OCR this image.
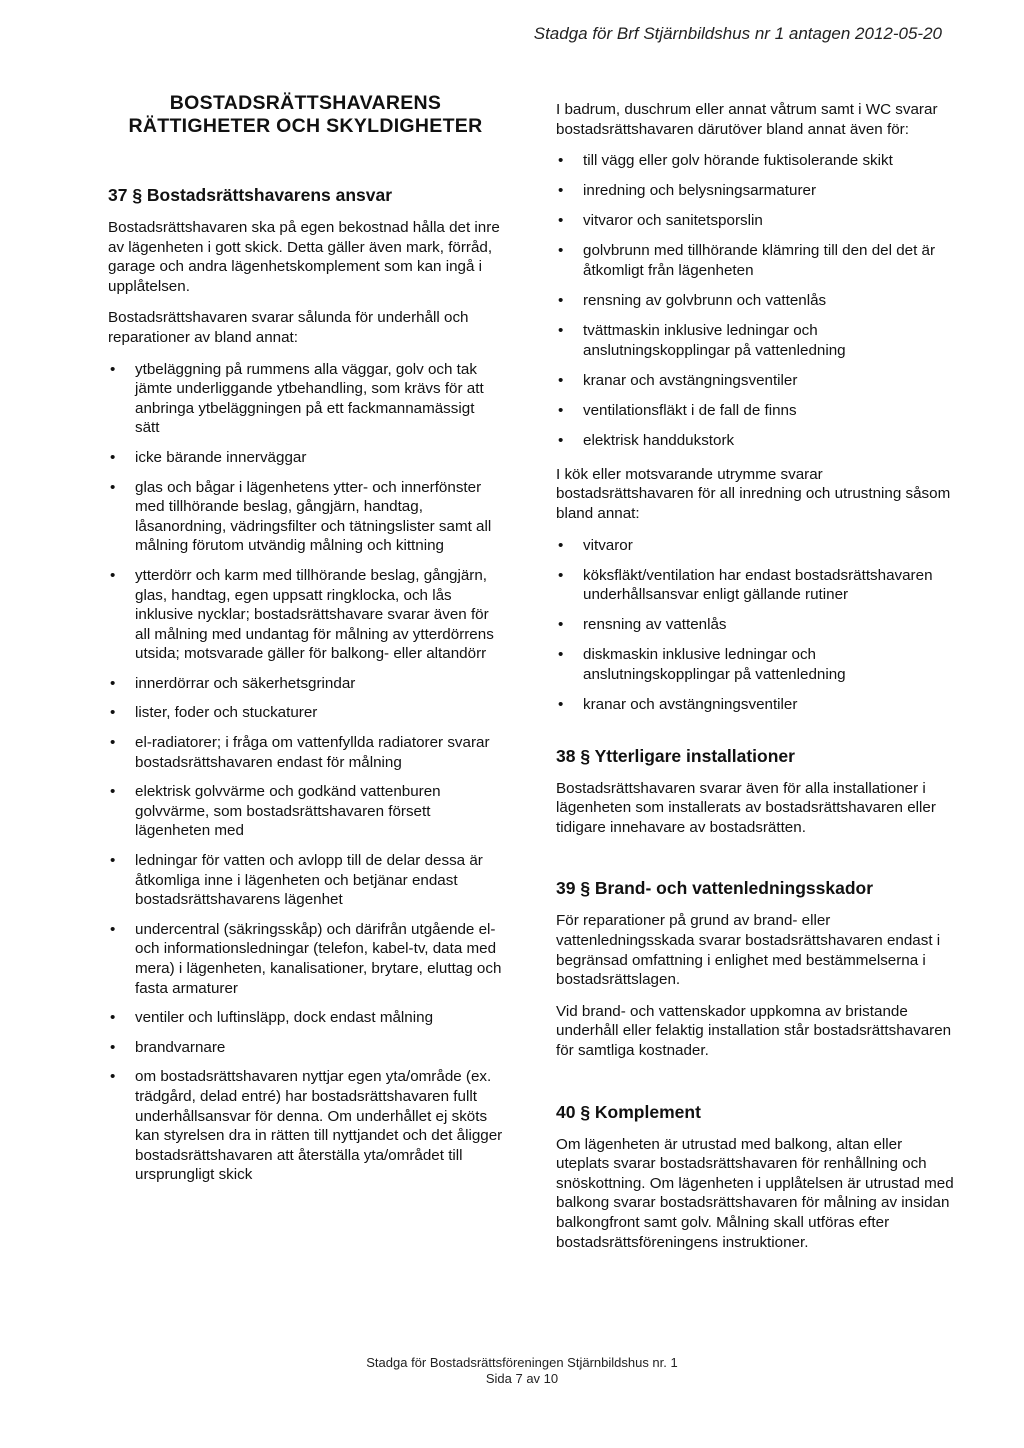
Stadga för Brf Stjärnbildshus nr 1 antagen 2012-05-20
BOSTADSRÄTTSHAVARENS
RÄTTIGHETER OCH SKYLDIGHETER
37 § Bostadsrättshavarens ansvar

Bostadsrättshavaren ska på egen bekostnad hålla det inre av lägenheten i gott skick. Detta gäller även mark, förråd, garage och andra lägenhetskomplement som kan ingå i upplåtelsen.

Bostadsrättshavaren svarar sålunda för underhåll och reparationer av bland annat:

• ytbeläggning på rummens alla väggar, golv och tak jämte underliggande ytbehandling, som krävs för att anbringa ytbeläggningen på ett fackmannamässigt sätt
• icke bärande innerväggar
• glas och bågar i lägenhetens ytter- och innerfönster med tillhörande beslag, gångjärn, handtag, låsanordning, vädringsfilter och tätningslister samt all målning förutom utvändig målning och kittning
• ytterdörr och karm med tillhörande beslag, gångjärn, glas, handtag, egen uppsatt ringklocka, och lås inklusive nycklar; bostadsrättshavare svarar även för all målning med undantag för målning av ytterdörrens utsida; motsvarade gäller för balkong- eller altandörr
• innerdörrar och säkerhetsgrindar
• lister, foder och stuckaturer
• el-radiatorer; i fråga om vattenfyllda radiatorer svarar bostadsrättshavaren endast för målning
• elektrisk golvvärme och godkänd vattenburen golvvärme, som bostadsrättshavaren försett lägenheten med
• ledningar för vatten och avlopp till de delar dessa är åtkomliga inne i lägenheten och betjänar endast bostadsrättshavarens lägenhet
• undercentral (säkringsskåp) och därifrån utgående el- och informationsledningar (telefon, kabel-tv, data med mera) i lägenheten, kanalisationer, brytare, eluttag och fasta armaturer
• ventiler och luftinsläpp, dock endast målning
• brandvarnare
• om bostadsrättshavaren nyttjar egen yta/område (ex. trädgård, delad entré) har bostadsrättshavaren fullt underhållsansvar för denna. Om underhållet ej sköts kan styrelsen dra in rätten till nyttjandet och det åligger bostadsrättshavaren att återställa yta/området till ursprungligt skick

I badrum, duschrum eller annat våtrum samt i WC svarar bostadsrättshavaren därutöver bland annat även för:

• till vägg eller golv hörande fuktisolerande skikt
• inredning och belysningsarmaturer
• vitvaror och sanitetsporslin
• golvbrunn med tillhörande klämring till den del det är åtkomligt från lägenheten
• rensning av golvbrunn och vattenlås
• tvättmaskin inklusive ledningar och anslutningskopplingar på vattenledning
• kranar och avstängningsventiler
• ventilationsfläkt i de fall de finns
• elektrisk handdukstork

I kök eller motsvarande utrymme svarar bostadsrättshavaren för all inredning och utrustning såsom bland annat:

• vitvaror
• köksfläkt/ventilation har endast bostadsrättshavaren underhållsansvar enligt gällande rutiner
• rensning av vattenlås
• diskmaskin inklusive ledningar och anslutningskopplingar på vattenledning
• kranar och avstängningsventiler
38 § Ytterligare installationer

Bostadsrättshavaren svarar även för alla installationer i lägenheten som installerats av bostadsrättshavaren eller tidigare innehavare av bostadsrätten.

39 § Brand- och vattenledningsskador

För reparationer på grund av brand- eller vattenledningsskada svarar bostadsrättshavaren endast i begränsad omfattning i enlighet med bestämmelserna i bostadsrättslagen.

Vid brand- och vattenskador uppkomna av bristande underhåll eller felaktig installation står bostadsrättshavaren för samtliga kostnader.

40 § Komplement

Om lägenheten är utrustad med balkong, altan eller uteplats svarar bostadsrättshavaren för renhållning och snöskottning. Om lägenheten i upplåtelsen är utrustad med balkong svarar bostadsrättshavaren för målning av insidan balkongfront samt golv. Målning skall utföras efter bostadsrättsföreningens instruktioner.

Stadga för Bostadsrättsföreningen Stjärnbildshus nr. 1
Sida 7 av 10
